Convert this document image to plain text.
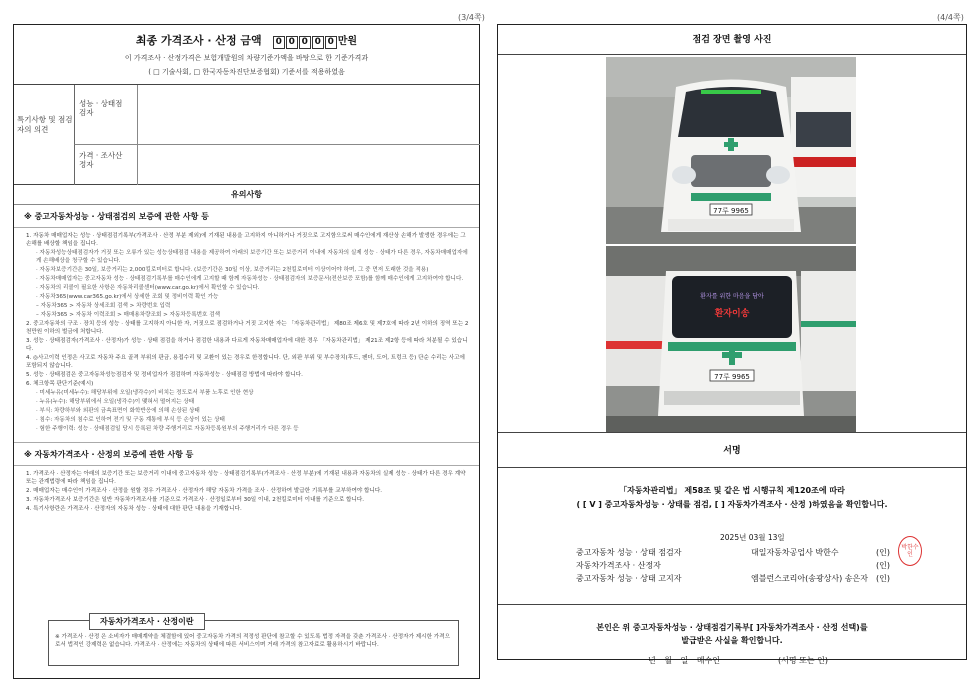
(3/4쪽)	(4/4쪽)
최종 가격조사 · 산정 금액 0 0 0 0 0 만원
이 가격조사 · 산정가격은 보험개발원의 차량기준가액을 바탕으로 한 기준가격과
( □ 기술사회, □ 한국자동차진단보증협회) 기준서를 적용하였음
특기사항 및 점검자의 의견
성능 · 상태점검자
가격 · 조사산정자
유의사항
※ 중고자동차성능 · 상태점검의 보증에 관한 사항 등
1. 자동차 매매업자는 성능 · 상태점검기록부(가격조사 · 산정 부분 제외)에 기재된 내용을 고지하지 아니하거나 거짓으로 고지함으로써 매수인에게 재산상 손해가 발생한 경우에는 그 손해를 배상할 책임을 집니다.
· 자동차성능상태점검자가 거짓 또는 오류가 있는 성능상태점검 내용을 제공하여 아래의 보증기간 또는 보증거리 이내에 자동차의 실제 성능 · 상태가 다른 경우, 자동차매매업자에게 손해배상을 청구할 수 있습니다.
· 자동차보증기간은 30일, 보증거리는 2,000킬로미터로 합니다. (보증기간은 30일 이상, 보증거리는 2천킬로미터 이상이어야 하며, 그 중 먼저 도래한 것을 적용)
· 자동차매매업자는 중고자동차 성능 · 상태점검기록부를 매수인에게 고지할 때 함께 자동차성능 · 상태점검자의 보증문서(전산보증 포함)를 함께 매수인에게 고지하여야 합니다.
· 자동차의 리콜이 필요한 사항은 자동차리콜센터(www.car.go.kr)에서 확인할 수 있습니다.
· 자동차365(www.car365.go.kr)에서 상세한 조회 및 정비이력 확인 가능
– 자동차365 > 자동차 상세조회 검색 > 차량번호 입력
– 자동차365 > 자동차 이력조회 > 매매용차량조회 > 자동차등록번호 검색
2. 중고자동차의 구조 · 장치 등의 성능 · 상태를 고지하지 아니한 자, 거짓으로 점검하거나 거짓 고지한 자는 「자동차관리법」 제80조 제6호 및 제7호에 따라 2년 이하의 징역 또는 2천만원 이하의 벌금에 처합니다.
3. 성능 · 상태점검자(가격조사 · 산정자)가 성능 · 상태 점검을 하거나 점검한 내용과 다르게 자동차매매업자에 대한 경우 「자동차관리법」 제21조 제2항 등에 따라 처분될 수 있습니다.
4. ◎사고이력 인정은 사고로 자동차 주요 골격 부위의 판금, 용접수리 및 교환이 있는 경우로 한정합니다. 단, 외판 부위 및 부수장치(후드, 펜더, 도어, 트렁크 등) 단순 수리는 사고에 포함되지 않습니다.
5. 성능 · 상태점검은 중고자동차성능점검자 및 정비업자가 점검하며 자동차성능 · 상태점검 방법에 따라야 합니다.
6. 체크항목 판단기준(예시)
· 미세누유(미세누수): 해당부위에 오일(냉각수)이 비치는 정도로서 부품 노후로 인한 현상
· 누유(누수): 해당부위에서 오일(냉각수)이 맺혀서 떨어지는 상태
· 부식: 차량하부와 외판의 금속표면이 화학반응에 의해 손상된 상태
· 침수: 자동차의 침수로 인하여 전기 및 구동 계통에 부식 등 손상이 있는 상태
· 험한 주행이력: 성능 · 상태점검일 당시 등록된 차량 주행거리로 자동차등록원부의 주행거리가 다른 경우 등
※ 자동차가격조사 · 산정의 보증에 관한 사항 등
1. 가격조사 · 산정자는 아래의 보증기간 또는 보증거리 이내에 중고자동차 성능 · 상태점검기록부(가격조사 · 산정 부분)에 기재된 내용과 자동차의 실제 성능 · 상태가 다른 경우 계약 또는 관계법령에 따라 책임을 집니다.
2. 매매업자는 매수인이 가격조사 · 산정을 원할 경우 가격조사 · 산정자가 해당 자동차 가격을 조사 · 산정하여 발급한 기록부를 교부하여야 합니다.
3. 자동차가격조사 보증기간은 일반 자동차가격조사를 기준으로 가격조사 · 산정일로부터 30일 이내, 2천킬로미터 이내를 기준으로 합니다.
4. 특기사항란은 가격조사 · 산정자의 자동차 성능 · 상태에 대한 판단 내용을 기재합니다.
자동차가격조사 · 산정이란
※ 가격조사 · 산정 은 소비자가 매매계약을 체결함에 있어 중고자동차 가격의 적정성 판단에 참고할 수 있도록 법정 자격을 갖춘 가격조사 · 산정자가 제시한 가격으로서 법적인 강제력은 없습니다. 가격조사 · 산정에는 자동차의 상태에 따른 서비스이며 거래 가격의 참고자료로 활용하시기 바랍니다.
점검 장면 촬영 사진
77루 9965
환자를 위한 마음을 담아
환자이송
77루 9965
서명
「자동차관리법」 제58조 및 같은 법 시행규칙 제120조에 따라
( [ V ] 중고자동차성능 · 상태를 점검, [ ] 자동차가격조사 · 산정 )하였음을 확인합니다.
2025년 03월 13일
중고자동차 성능 · 상태 점검자	대일자동차공업사 박한수	(인)
자동차가격조사 · 산정자	(인)
중고자동차 성능 · 상태 고지자	엠블런스코리아(송광상사) 송은자 (인)
박한수인
본인은 위 중고자동차성능 · 상태점검기록부[ ]자동차가격조사 · 산정 선택)를
발급받은 사실을 확인합니다.
년 월 일 매수인	(서명 또는 인)
